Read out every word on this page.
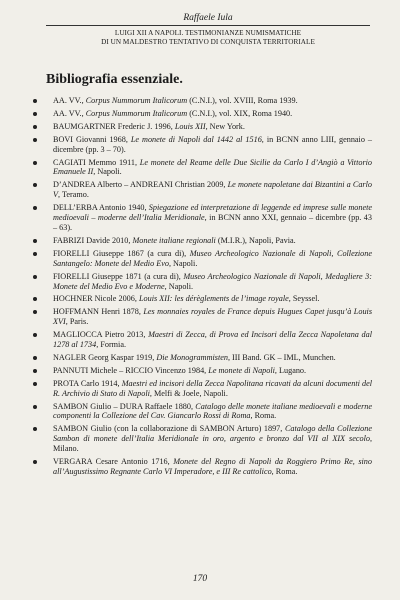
Raffaele Iula
LUIGI XII A NAPOLI. TESTIMONIANZE NUMISMATICHE
DI UN MALDESTRO TENTATIVO DI CONQUISTA TERRITORIALE
Bibliografia essenziale.
AA. VV., Corpus Nummorum Italicorum (C.N.I.), vol. XVIII, Roma 1939.
AA. VV., Corpus Nummorum Italicorum (C.N.I.), vol. XIX, Roma 1940.
BAUMGARTNER Frederic J. 1996, Louis XII, New York.
BOVI Giovanni 1968, Le monete di Napoli dal 1442 al 1516, in BCNN anno LIII, gennaio – dicembre (pp. 3 – 70).
CAGIATI Memmo 1911, Le monete del Reame delle Due Sicilie da Carlo I d’Angiò a Vittorio Emanuele II, Napoli.
D’ANDREA Alberto – ANDREANI Christian 2009, Le monete napoletane dai Bizantini a Carlo V, Teramo.
DELL’ERBA Antonio 1940, Spiegazione ed interpretazione di leggende ed imprese sulle monete medioevali – moderne dell’Italia Meridionale, in BCNN anno XXI, gennaio – dicembre (pp. 43 – 63).
FABRIZI Davide 2010, Monete italiane regionali (M.I.R.), Napoli, Pavia.
FIORELLI Giuseppe 1867 (a cura di), Museo Archeologico Nazionale di Napoli, Collezione Santangelo: Monete del Medio Evo, Napoli.
FIORELLI Giuseppe 1871 (a cura di), Museo Archeologico Nazionale di Napoli, Medagliere 3: Monete del Medio Evo e Moderne, Napoli.
HOCHNER Nicole 2006, Louis XII: les dérèglements de l’image royale, Seyssel.
HOFFMANN Henri 1878, Les monnaies royales de France depuis Hugues Capet jusqu’à Louis XVI, Paris.
MAGLIOCCA Pietro 2013, Maestri di Zecca, di Prova ed Incisori della Zecca Napoletana dal 1278 al 1734, Formia.
NAGLER Georg Kaspar 1919, Die Monogrammisten, III Band. GK – IML, Munchen.
PANNUTI Michele – RICCIO Vincenzo 1984, Le monete di Napoli, Lugano.
PROTA Carlo 1914, Maestri ed incisori della Zecca Napolitana ricavati da alcuni documenti del R. Archivio di Stato di Napoli, Melfi & Joele, Napoli.
SAMBON Giulio – DURA Raffaele 1880, Catalogo delle monete italiane medioevali e moderne componenti la Collezione del Cav. Giancarlo Rossi di Roma, Roma.
SAMBON Giulio (con la collaborazione di SAMBON Arturo) 1897, Catalogo della Collezione Sambon di monete dell’Italia Meridionale in oro, argento e bronzo dal VII al XIX secolo, Milano.
VERGARA Cesare Antonio 1716, Monete del Regno di Napoli da Roggiero Primo Re, sino all’Augustissimo Regnante Carlo VI Imperadore, e III Re cattolico, Roma.
170
